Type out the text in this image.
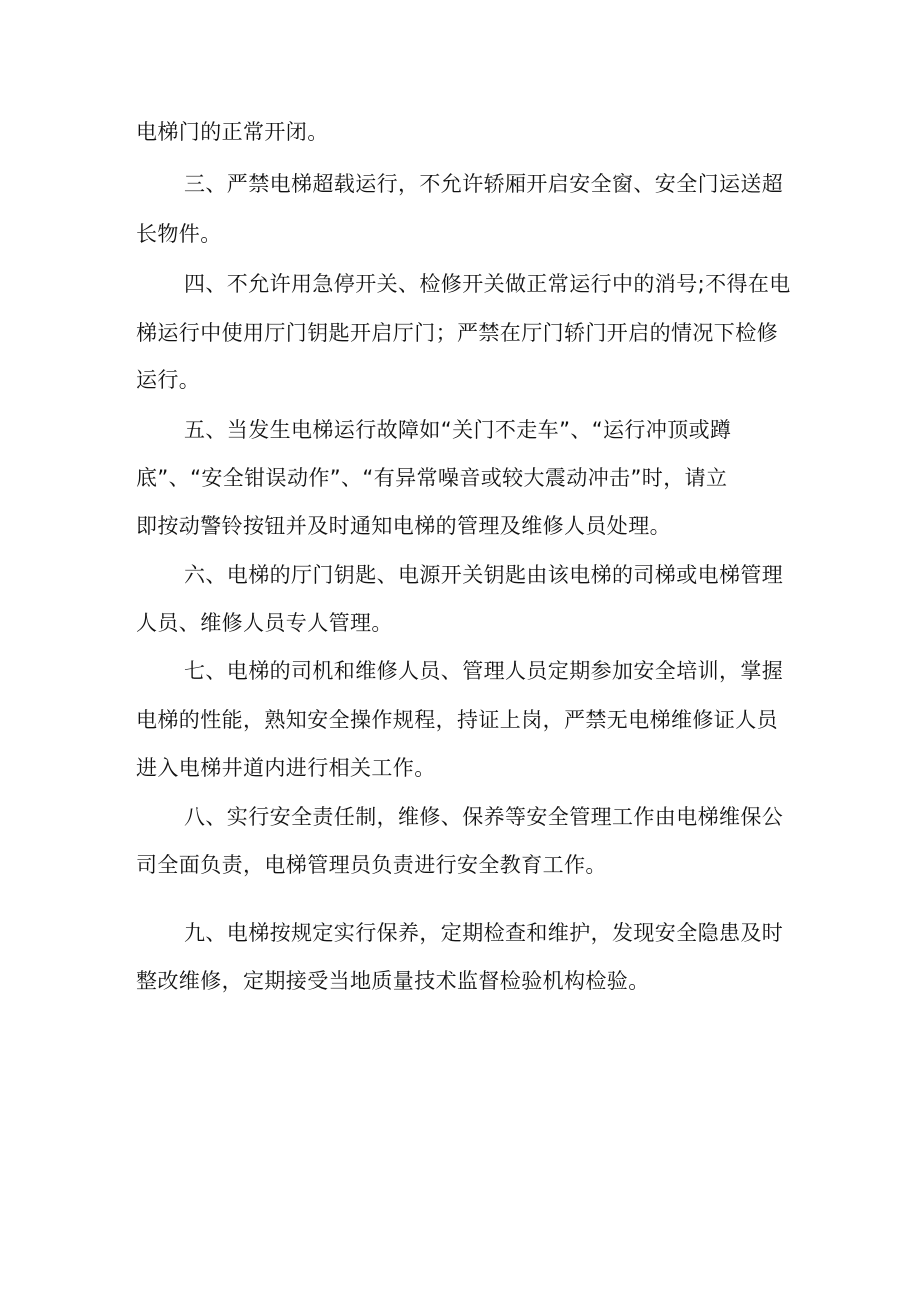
电梯门的正常开闭。
三、严禁电梯超载运行，不允许轿厢开启安全窗、安全门运送超
长物件。
四、不允许用急停开关、检修开关做正常运行中的消号;不得在电
梯运行中使用厅门钥匙开启厅门；严禁在厅门轿门开启的情况下检修
运行。
五、当发生电梯运行故障如“关门不走车”、“运行冲顶或蹲
底”、“安全钳误动作”、“有异常噪音或较大震动冲击”时，请立
即按动警铃按钮并及时通知电梯的管理及维修人员处理。
六、电梯的厅门钥匙、电源开关钥匙由该电梯的司梯或电梯管理
人员、维修人员专人管理。
七、电梯的司机和维修人员、管理人员定期参加安全培训，掌握
电梯的性能，熟知安全操作规程，持证上岗，严禁无电梯维修证人员
进入电梯井道内进行相关工作。
八、实行安全责任制，维修、保养等安全管理工作由电梯维保公
司全面负责，电梯管理员负责进行安全教育工作。
九、电梯按规定实行保养，定期检查和维护，发现安全隐患及时
整改维修，定期接受当地质量技术监督检验机构检验。
